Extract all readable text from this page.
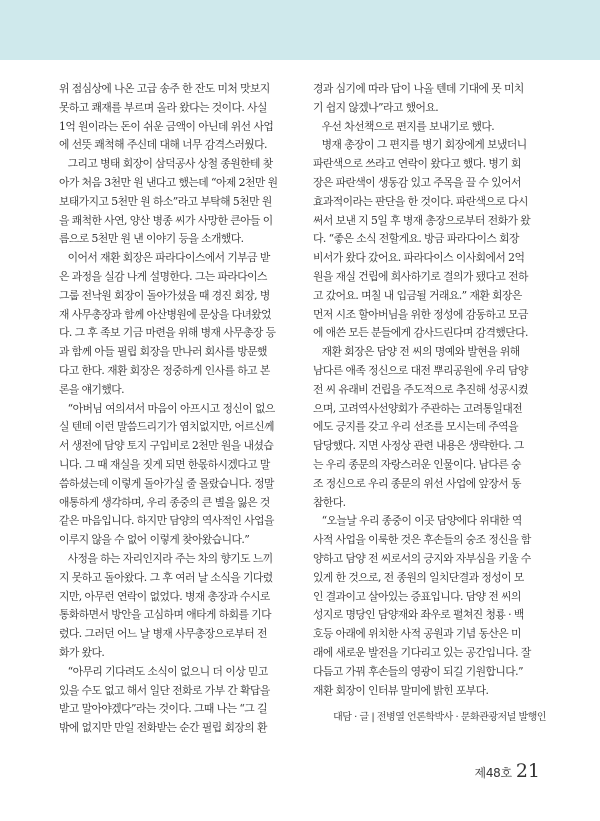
위 점심상에 나온 고급 송주 한 잔도 미처 맛보지
못하고 쾌재를 부르며 올라 왔다는 것이다. 사실
1억 원이라는 돈이 쉬운 금액이 아닌데 위선 사업
에 선뜻 쾌척해 주신데 대해 너무 감격스러웠다.

그리고 병태 회장이 삼덕공사 상철 종원한테 찾
아가 처음 3천만 원 낸다고 했는데 “아제 2천만 원
보태가지고 5천만 원 하소”라고 부탁해 5천만 원
을 쾌척한 사연, 양산 병종 씨가 사망한 큰아들 이
름으로 5천만 원 낸 이야기 등을 소개했다.

이어서 재환 회장은 파라다이스에서 기부금 받
은 과정을 실감 나게 설명한다. 그는 파라다이스
그룹 전낙원 회장이 돌아가셨을 때 경진 회장, 병
재 사무총장과 함께 아산병원에 문상을 다녀왔었
다. 그 후 족보 기금 마련을 위해 병재 사무총장 등
과 함께 아들 필립 회장을 만나러 회사를 방문했
다고 한다. 재환 회장은 정중하게 인사를 하고 본
론을 얘기했다.

“아버님 여의셔서 마음이 아프시고 정신이 없으
실 텐데 이런 말씀드리기가 염치없지만, 어르신께
서 생전에 담양 토지 구입비로 2천만 원을 내셨습
니다. 그 때 재실을 짓게 되면 한몫하시겠다고 말
씀하셨는데 이렇게 돌아가실 줄 몰랐습니다. 정말
애통하게 생각하며, 우리 종중의 큰 별을 잃은 것
같은 마음입니다. 하지만 담양의 역사적인 사업을
이루지 않을 수 없어 이렇게 찾아왔습니다.”

사정을 하는 자리인지라 주는 차의 향기도 느끼
지 못하고 돌아왔다. 그 후 여러 날 소식을 기다렸
지만, 아무런 연락이 없었다. 병재 총장과 수시로
통화하면서 방안을 고심하며 애타게 하회를 기다
렸다. 그러던 어느 날 병재 사무총장으로부터 전
화가 왔다.

“아무리 기다려도 소식이 없으니 더 이상 믿고
있을 수도 없고 해서 일단 전화로 가부 간 확답을
받고 말아야겠다”라는 것이다. 그때 나는 “그 길
밖에 없지만 만일 전화받는 순간 필립 회장의 환

경과 심기에 따라 답이 나올 텐데 기대에 못 미치
기 쉽지 않겠나”라고 했어요.

우선 차선책으로 편지를 보내기로 했다.

병재 총장이 그 편지를 병기 회장에게 보냈더니
파란색으로 쓰라고 연락이 왔다고 했다. 병기 회
장은 파란색이 생동감 있고 주목을 끌 수 있어서
효과적이라는 판단을 한 것이다. 파란색으로 다시
써서 보낸 지 5일 후 병재 총장으로부터 전화가 왔
다. “좋은 소식 전할게요. 방금 파라다이스 회장
비서가 왔다 갔어요. 파라다이스 이사회에서 2억
원을 재실 건립에 희사하기로 결의가 됐다고 전하
고 갔어요. 며칠 내 입금될 거래요.” 재환 회장은
먼저 시조 할아버님을 위한 정성에 감동하고 모금
에 애쓴 모든 분들에게 감사드린다며 감격했단다.

재환 회장은 담양 전 씨의 명예와 발현을 위해
남다른 애족 정신으로 대전 뿌리공원에 우리 담양
전 씨 유래비 건립을 주도적으로 추진해 성공시켰
으며, 고려역사선양회가 주관하는 고려통일대전
에도 긍지를 갖고 우리 선조를 모시는데 주역을
담당했다. 지면 사정상 관련 내용은 생략한다. 그
는 우리 종문의 자랑스러운 인물이다. 남다른 숭
조 정신으로 우리 종문의 위선 사업에 앞장서 동
참한다.

“오늘날 우리 종중이 이곳 담양에다 위대한 역
사적 사업을 이룩한 것은 후손들의 숭조 정신을 함
양하고 담양 전 씨로서의 긍지와 자부심을 키울 수
있게 한 것으로, 전 종원의 일치단결과 정성이 모
인 결과이고 살아있는 증표입니다. 담양 전 씨의
성지로 명당인 담양재와 좌우로 펼쳐진 청룡 · 백
호등 아래에 위치한 사적 공원과 기념 동산은 미
래에 새로운 발전을 기다리고 있는 공간입니다. 잘
다듬고 가꿔 후손들의 영광이 되길 기원합니다.”
재환 회장이 인터뷰 말미에 밝힌 포부다.

대담 · 글 | 전병열 언론학박사 · 문화관광저널 발행인
제48호 21
